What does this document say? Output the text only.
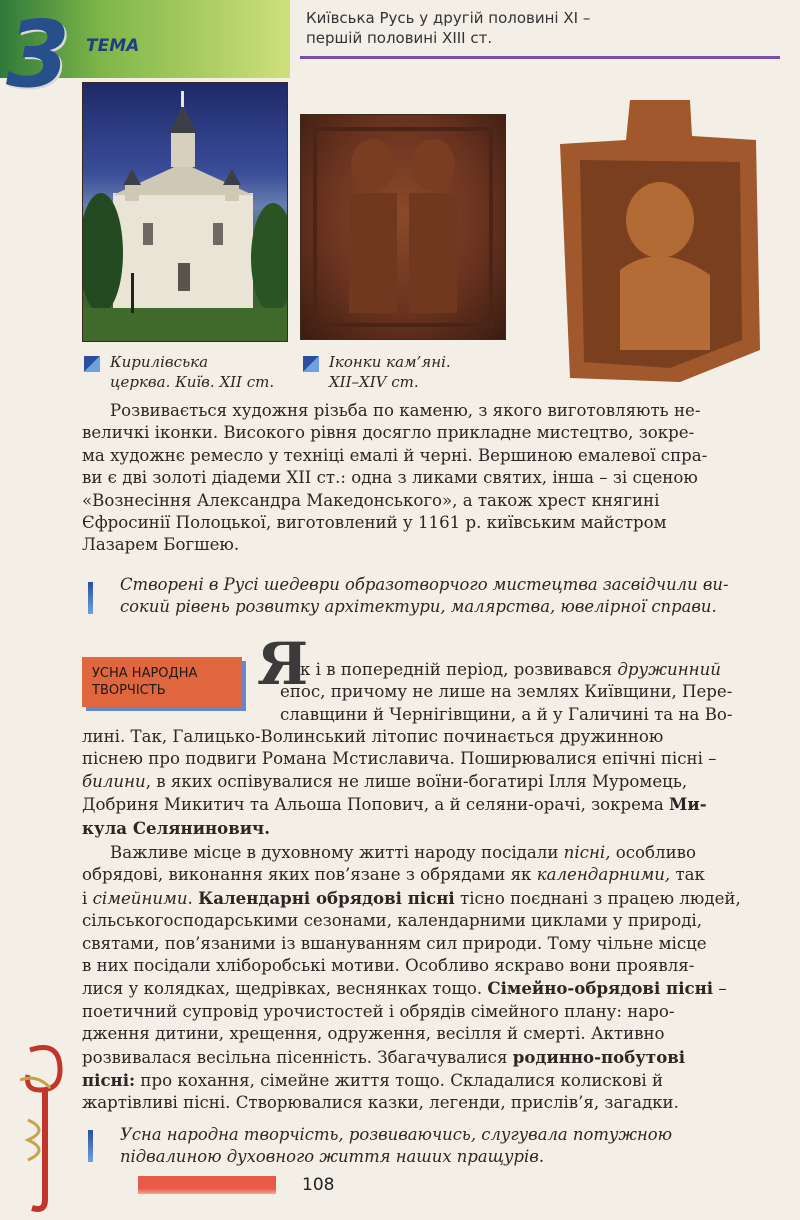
3 ТЕМА
Київська Русь у другій половині XI –
першій половині XIII ст.
Кирилівська
церква. Київ. XII ст.
Іконки кам’яні.
XII–XIV ст.
Розвивається художня різьба по каменю, з якого виготовляють не-
величкі іконки. Високого рівня досягло прикладне мистецтво, зокре-
ма художнє ремесло у техніці емалі й черні. Вершиною емалевої спра-
ви є дві золоті діадеми XII ст.: одна з ликами святих, інша – зі сценою
«Вознесіння Александра Македонського», а також хрест княгині
Єфросинії Полоцької, виготовлений у 1161 р. київським майстром
Лазарем Богшею.
Створені в Русі шедеври образотворчого мистецтва засвідчили ви-
сокий рівень розвитку архітектури, малярства, ювелірної справи.
УСНА НАРОДНА
ТВОРЧІСТЬ	Я
к і в попередній період, розвивався дружинний
епос, причому не лише на землях Київщини, Пере-
славщини й Чернігівщини, а й у Галичині та на Во-
лині. Так, Галицько-Волинський літопис починається дружинною
піснею про подвиги Романа Мстиславича. Поширювалися епічні пісні –
билини, в яких оспівувалися не лише воїни-богатирі Ілля Муромець,
Добриня Микитич та Альоша Попович, а й селяни-орачі, зокрема Ми-
кула Селянинович.
Важливе місце в духовному житті народу посідали пісні, особливо
обрядові, виконання яких пов’язане з обрядами як календарними, так
і сімейними. Календарні обрядові пісні тісно поєднані з працею людей,
сільськогосподарськими сезонами, календарними циклами у природі,
святами, пов’язаними із вшануванням сил природи. Тому чільне місце
в них посідали хліборобські мотиви. Особливо яскраво вони проявля-
лися у колядках, щедрівках, веснянках тощо. Сімейно-обрядові пісні –
поетичний супровід урочистостей і обрядів сімейного плану: наро-
дження дитини, хрещення, одруження, весілля й смерті. Активно
розвивалася весільна пісенність. Збагачувалися родинно-побутові
пісні: про кохання, сімейне життя тощо. Складалися колискові й
жартівливі пісні. Створювалися казки, легенди, прислів’я, загадки.
Усна народна творчість, розвиваючись, слугувала потужною
підвалиною духовного життя наших пращурів.
108
